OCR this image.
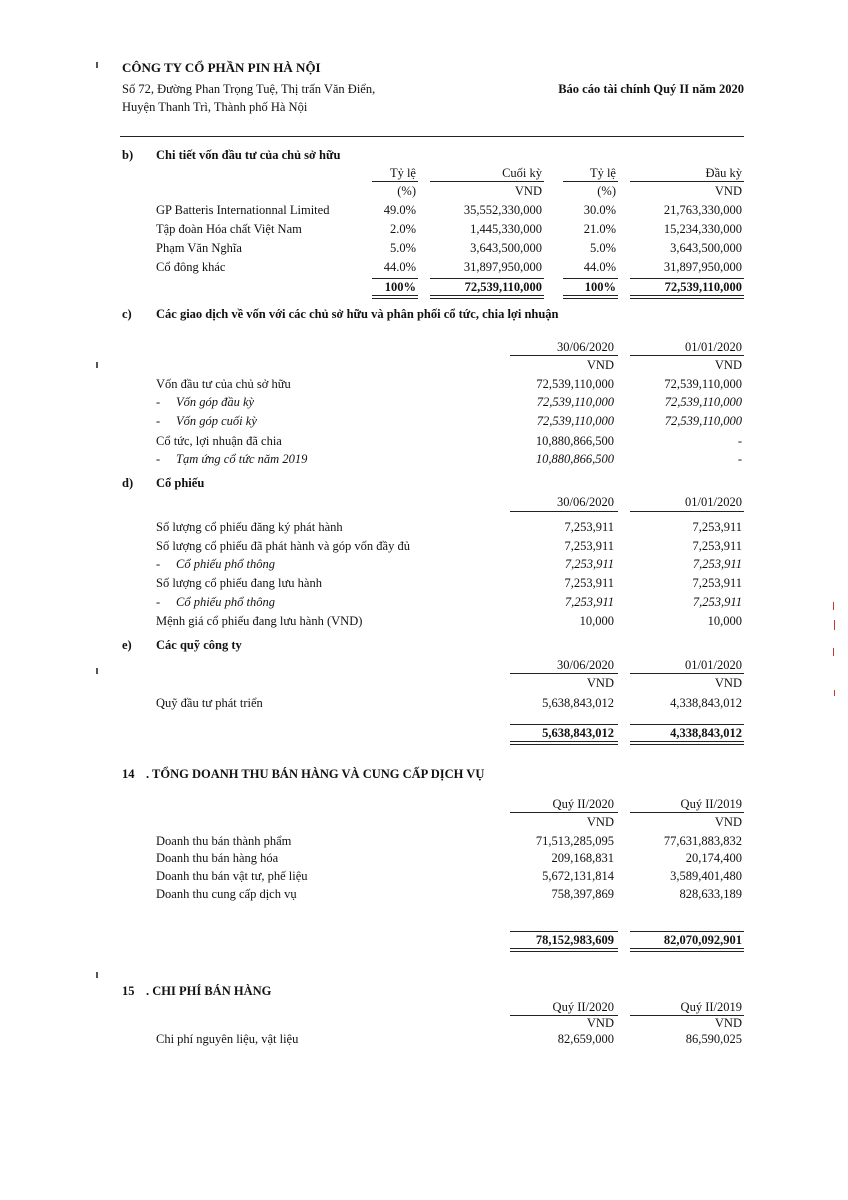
CÔNG TY CỔ PHẦN PIN HÀ NỘI
Số 72, Đường Phan Trọng Tuệ, Thị trấn Văn Điển,
Huyện Thanh Trì, Thành phố Hà Nội
Báo cáo tài chính Quý II năm 2020
b) Chi tiết vốn đầu tư của chủ sở hữu
Tỷ lệ	Cuối kỳ	Tỷ lệ	Đầu kỳ
(%)	VND	(%)	VND
GP Batteris Internationnal Limited	49.0%	35,552,330,000	30.0%	21,763,330,000
Tập đoàn Hóa chất Việt Nam	2.0%	1,445,330,000	21.0%	15,234,330,000
Phạm Văn Nghĩa	5.0%	3,643,500,000	5.0%	3,643,500,000
Cổ đông khác	44.0%	31,897,950,000	44.0%	31,897,950,000
100%	72,539,110,000	100%	72,539,110,000
c) Các giao dịch về vốn với các chủ sở hữu và phân phối cổ tức, chia lợi nhuận
30/06/2020	01/01/2020
VND	VND
Vốn đầu tư của chủ sở hữu	72,539,110,000	72,539,110,000
- Vốn góp đầu kỳ	72,539,110,000	72,539,110,000
- Vốn góp cuối kỳ	72,539,110,000	72,539,110,000
Cổ tức, lợi nhuận đã chia	10,880,866,500	-
- Tạm ứng cổ tức năm 2019	10,880,866,500	-
d) Cổ phiếu
30/06/2020	01/01/2020
Số lượng cổ phiếu đăng ký phát hành	7,253,911	7,253,911
Số lượng cổ phiếu đã phát hành và góp vốn đầy đủ	7,253,911	7,253,911
- Cổ phiếu phổ thông	7,253,911	7,253,911
Số lượng cổ phiếu đang lưu hành	7,253,911	7,253,911
- Cổ phiếu phổ thông	7,253,911	7,253,911
Mệnh giá cổ phiếu đang lưu hành (VND)	10,000	10,000
e) Các quỹ công ty
30/06/2020	01/01/2020
VND	VND
Quỹ đầu tư phát triển	5,638,843,012	4,338,843,012
5,638,843,012	4,338,843,012
14 . TỔNG DOANH THU BÁN HÀNG VÀ CUNG CẤP DỊCH VỤ
Quý II/2020	Quý II/2019
VND	VND
Doanh thu bán thành phẩm	71,513,285,095	77,631,883,832
Doanh thu bán hàng hóa	209,168,831	20,174,400
Doanh thu bán vật tư, phế liệu	5,672,131,814	3,589,401,480
Doanh thu cung cấp dịch vụ	758,397,869	828,633,189
78,152,983,609	82,070,092,901
15 . CHI PHÍ BÁN HÀNG
Quý II/2020	Quý II/2019
VND	VND
Chi phí nguyên liệu, vật liệu	82,659,000	86,590,025
